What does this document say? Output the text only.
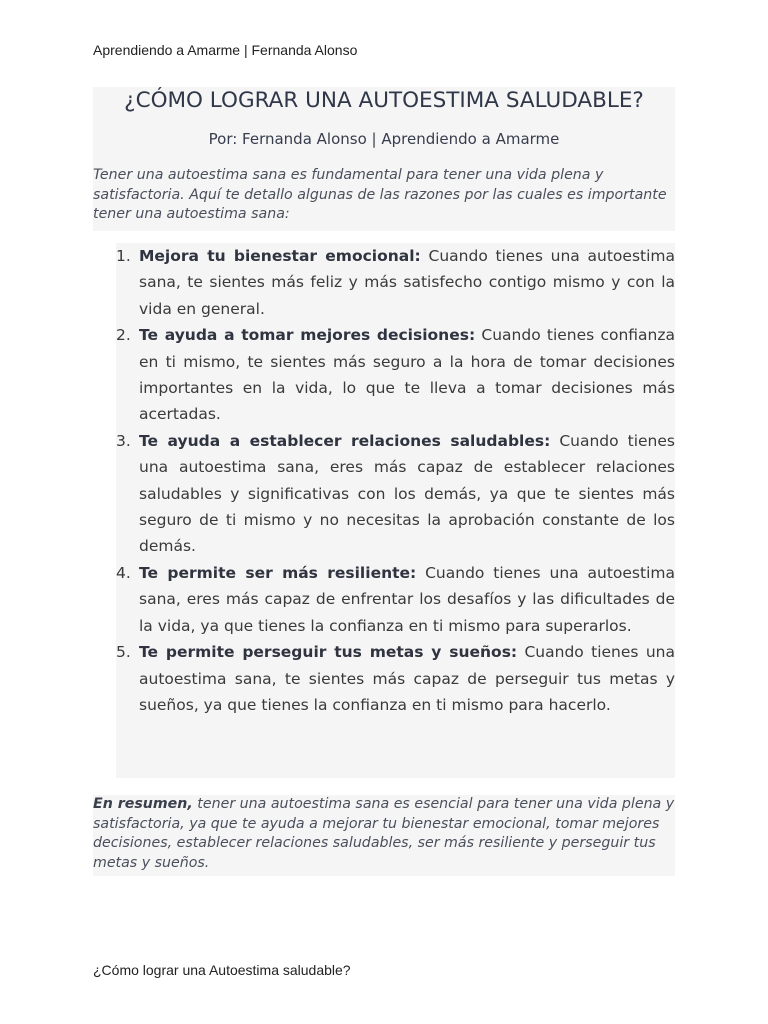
Aprendiendo a Amarme | Fernanda Alonso
¿CÓMO LOGRAR UNA AUTOESTIMA SALUDABLE?

Por: Fernanda Alonso | Aprendiendo a Amarme

Tener una autoestima sana es fundamental para tener una vida plena y satisfactoria. Aquí te detallo algunas de las razones por las cuales es importante tener una autoestima sana:

1. Mejora tu bienestar emocional: Cuando tienes una autoestima sana, te sientes más feliz y más satisfecho contigo mismo y con la vida en general.
2. Te ayuda a tomar mejores decisiones: Cuando tienes confianza en ti mismo, te sientes más seguro a la hora de tomar decisiones importantes en la vida, lo que te lleva a tomar decisiones más acertadas.
3. Te ayuda a establecer relaciones saludables: Cuando tienes una autoestima sana, eres más capaz de establecer relaciones saludables y significativas con los demás, ya que te sientes más seguro de ti mismo y no necesitas la aprobación constante de los demás.
4. Te permite ser más resiliente: Cuando tienes una autoestima sana, eres más capaz de enfrentar los desafíos y las dificultades de la vida, ya que tienes la confianza en ti mismo para superarlos.
5. Te permite perseguir tus metas y sueños: Cuando tienes una autoestima sana, te sientes más capaz de perseguir tus metas y sueños, ya que tienes la confianza en ti mismo para hacerlo.

En resumen, tener una autoestima sana es esencial para tener una vida plena y satisfactoria, ya que te ayuda a mejorar tu bienestar emocional, tomar mejores decisiones, establecer relaciones saludables, ser más resiliente y perseguir tus metas y sueños.

¿Cómo lograr una Autoestima saludable?
